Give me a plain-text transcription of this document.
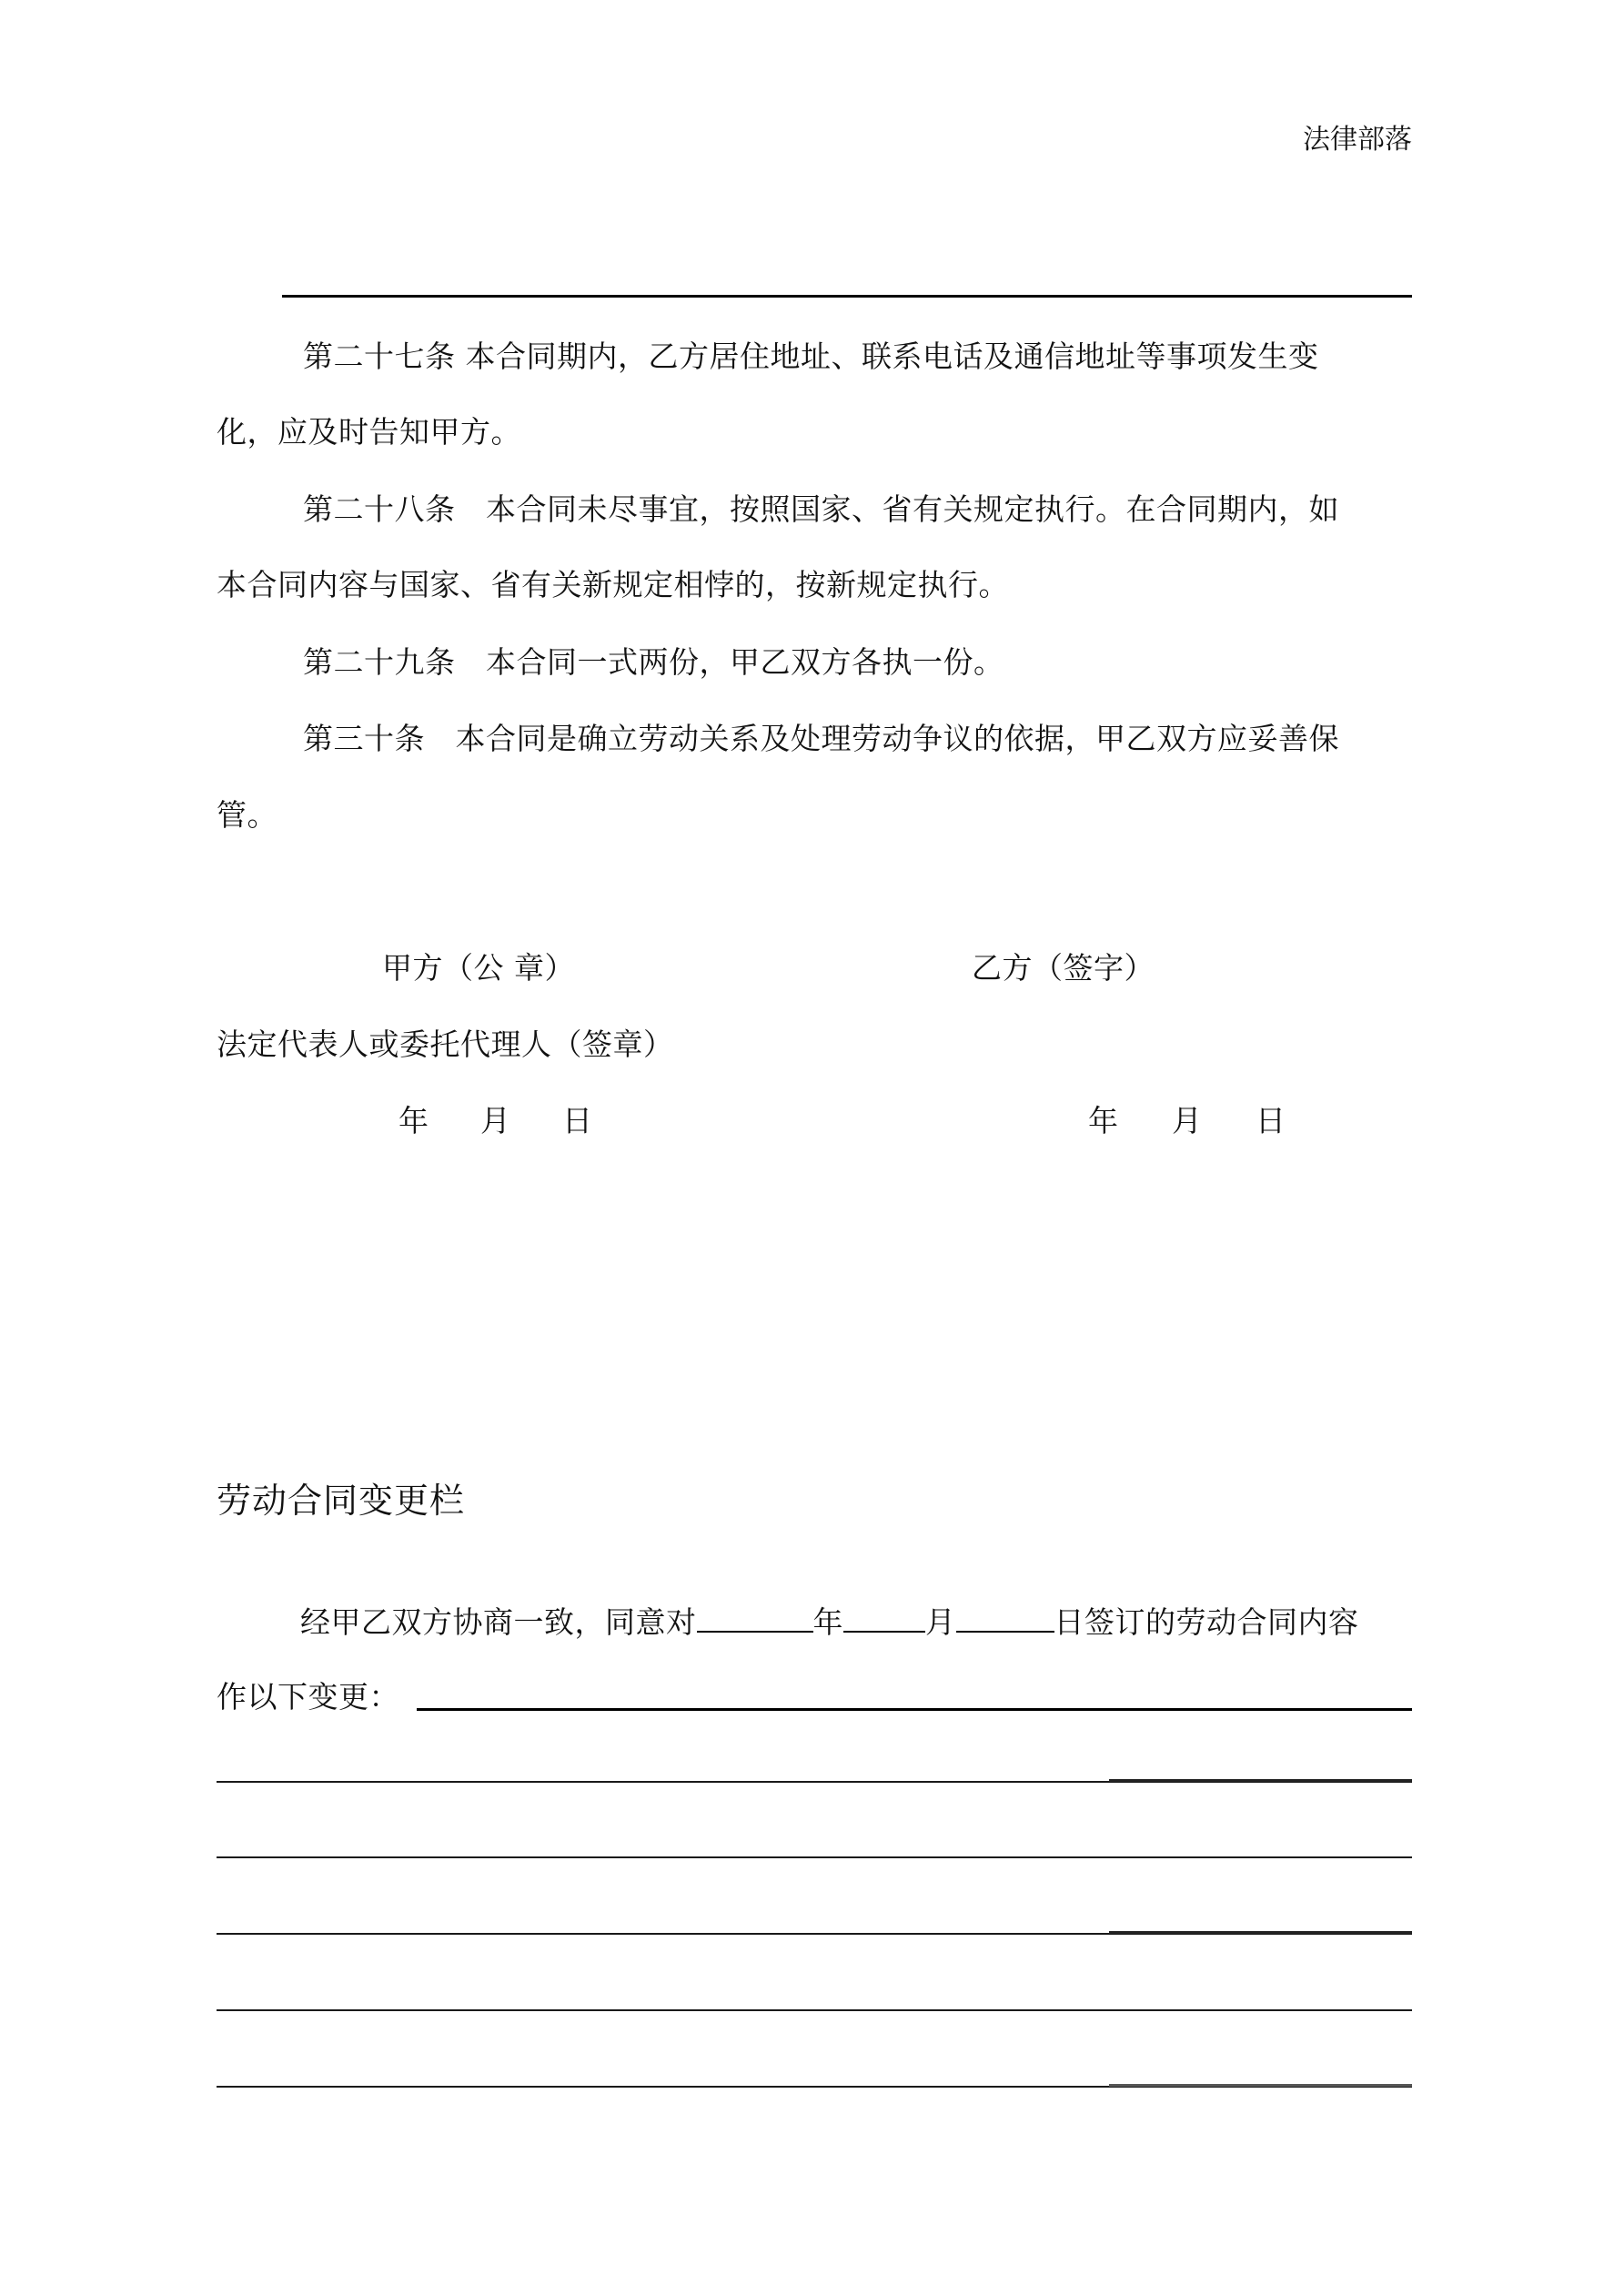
法律部落
第二十七条 本合同期内，乙方居住地址、联系电话及通信地址等事项发生变
化，应及时告知甲方。
第二十八条　本合同未尽事宜，按照国家、省有关规定执行。在合同期内，如
本合同内容与国家、省有关新规定相悖的，按新规定执行。
第二十九条　本合同一式两份，甲乙双方各执一份。
第三十条　本合同是确立劳动关系及处理劳动争议的依据，甲乙双方应妥善保
管。
甲方（公 章）	乙方（签字）
法定代表人或委托代理人（签章）
年 月 日	年 月 日
劳动合同变更栏
经甲乙双方协商一致，同意对	年	月	日签订的劳动合同内容
作以下变更：
